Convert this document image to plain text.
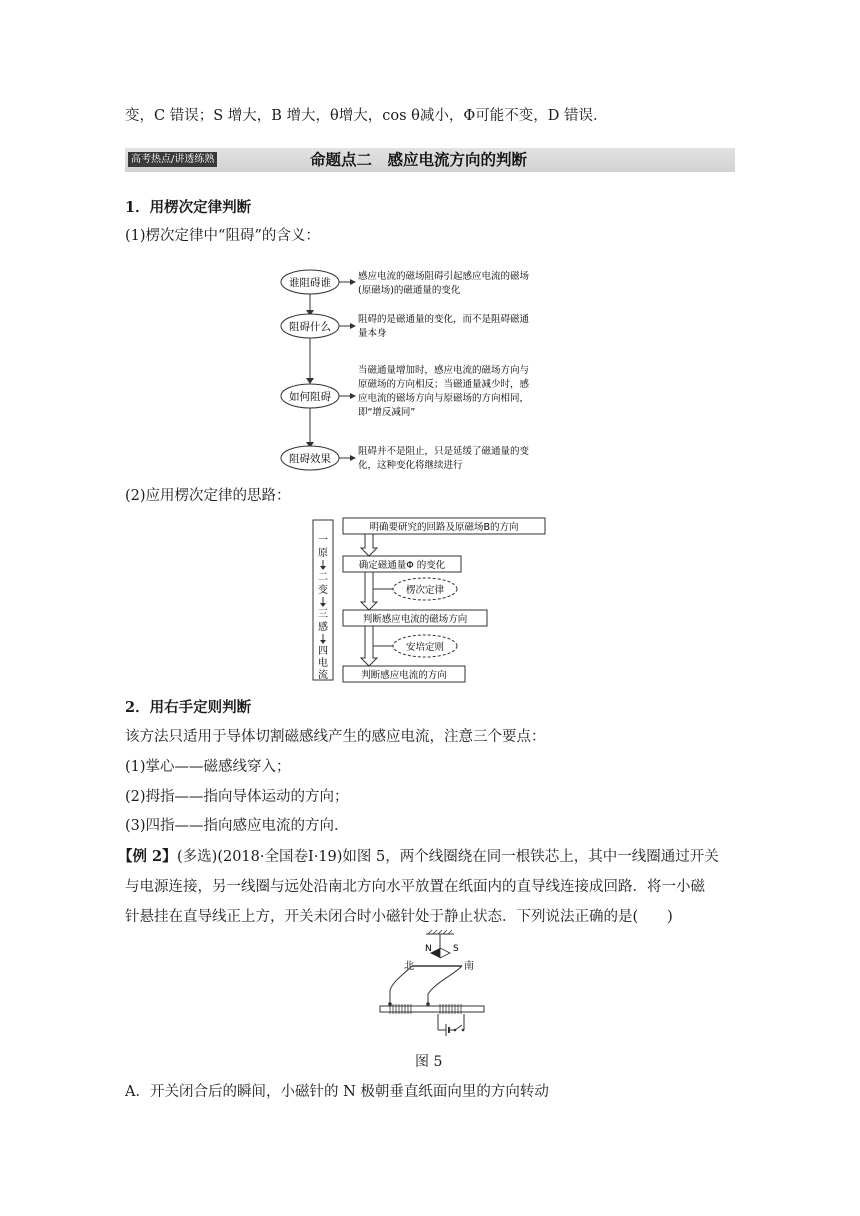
变，C 错误；S 增大，B 增大，θ增大，cos θ减小，Φ可能不变，D 错误．
高考热点/讲透练熟	命题点二　感应电流方向的判断
1．用楞次定律判断
(1)楞次定律中“阻碍”的含义：
谁阻碍谁
感应电流的磁场阻碍引起感应电流的磁场
(原磁场)的磁通量的变化
阻碍什么
阻碍的是磁通量的变化，而不是阻碍磁通
量本身
如何阻碍
当磁通量增加时，感应电流的磁场方向与
原磁场的方向相反；当磁通量减少时，感
应电流的磁场方向与原磁场的方向相同，
即“增反减同”
阻碍效果
阻碍并不是阻止，只是延缓了磁通量的变
化，这种变化将继续进行
(2)应用楞次定律的思路：
一
原
二
变
三
感
四
电
流
明确要研究的回路及原磁场B的方向
确定磁通量Φ 的变化
判断感应电流的磁场方向
判断感应电流的方向
楞次定律
安培定则
2．用右手定则判断
该方法只适用于导体切割磁感线产生的感应电流，注意三个要点：
(1)掌心——磁感线穿入；
(2)拇指——指向导体运动的方向；
(3)四指——指向感应电流的方向．
【例 2】 (多选)(2018·全国卷Ⅰ·19)如图 5，两个线圈绕在同一根铁芯上，其中一线圈通过开关
与电源连接，另一线圈与远处沿南北方向水平放置在纸面内的直导线连接成回路．将一小磁
针悬挂在直导线正上方，开关未闭合时小磁针处于静止状态．下列说法正确的是(　　)
N S
北	南
图 5
A．开关闭合后的瞬间，小磁针的 N 极朝垂直纸面向里的方向转动
